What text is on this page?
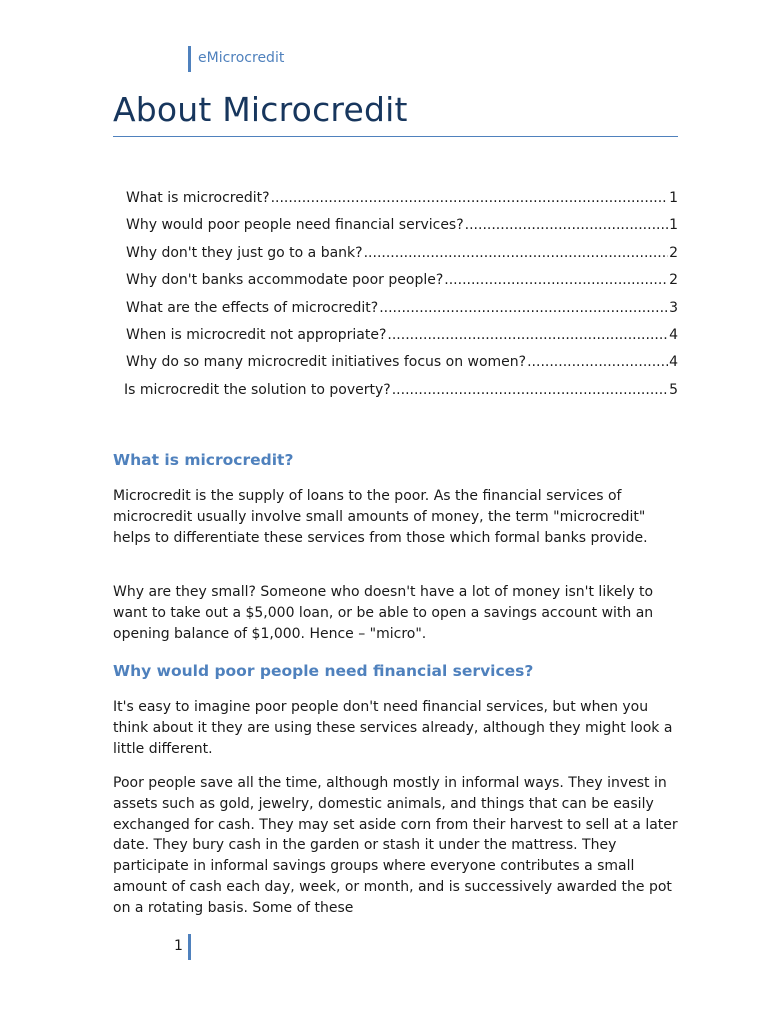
eMicrocredit
About Microcredit
What is microcredit? .....	1
Why would poor people need financial services? .....	1
Why don't they just go to a bank? .....	2
Why don't banks accommodate poor people? .....	2
What are the effects of microcredit? .....	3
When is microcredit not appropriate? .....	4
Why do so many microcredit initiatives focus on women? .....	4
Is microcredit the solution to poverty? .....	5
What is microcredit?

Microcredit is the supply of loans to the poor. As the financial services of microcredit usually involve small amounts of money, the term "microcredit" helps to differentiate these services from those which formal banks provide.

Why are they small? Someone who doesn't have a lot of money isn't likely to want to take out a $5,000 loan, or be able to open a savings account with an opening balance of $1,000. Hence – "micro".

Why would poor people need financial services?

It's easy to imagine poor people don't need financial services, but when you think about it they are using these services already, although they might look a little different.

Poor people save all the time, although mostly in informal ways. They invest in assets such as gold, jewelry, domestic animals, and things that can be easily exchanged for cash. They may set aside corn from their harvest to sell at a later date. They bury cash in the garden or stash it under the mattress. They participate in informal savings groups where everyone contributes a small amount of cash each day, week, or month, and is successively awarded the pot on a rotating basis. Some of these

1
